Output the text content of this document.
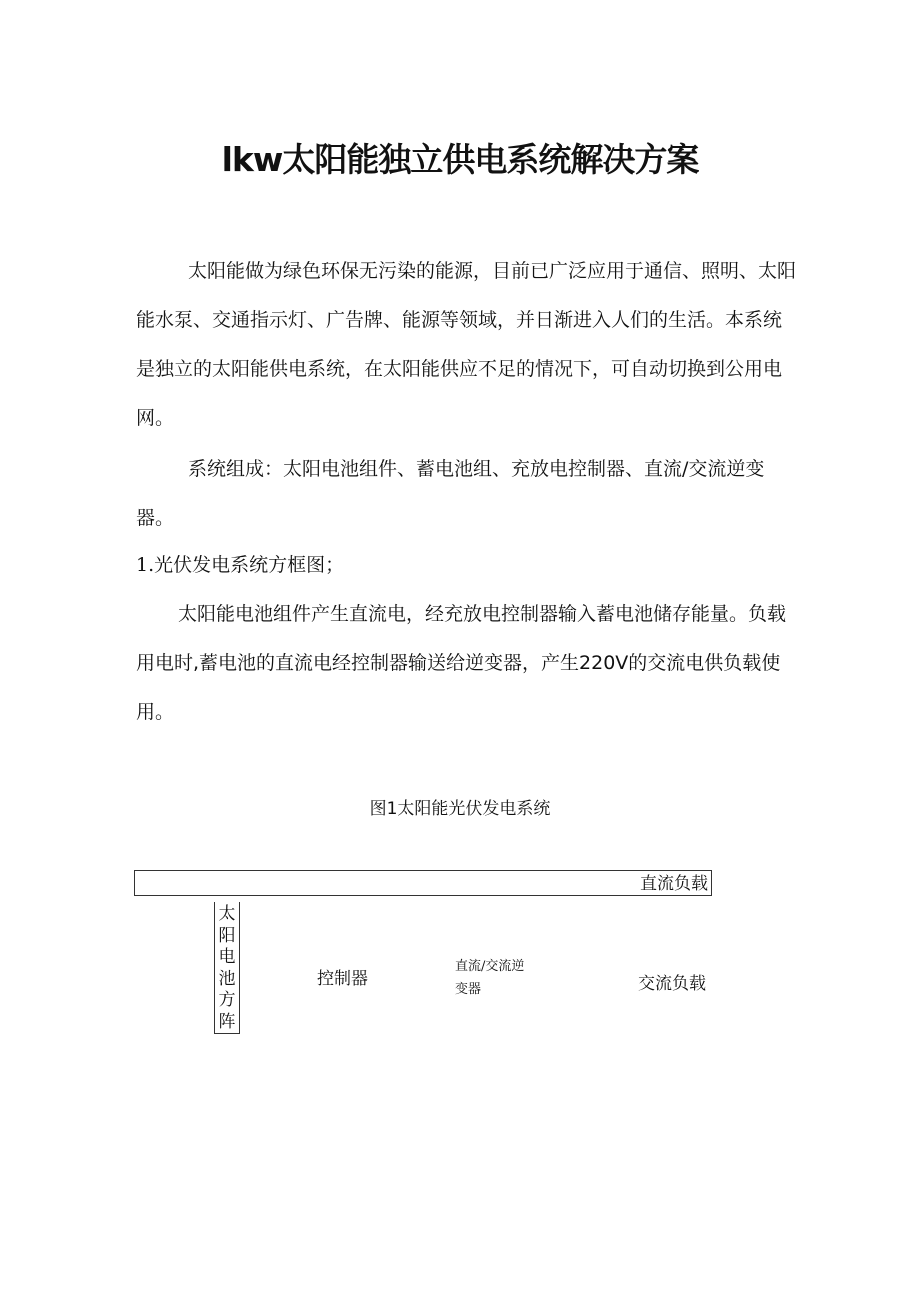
lkw太阳能独立供电系统解决方案

太阳能做为绿色环保无污染的能源，目前已广泛应用于通信、照明、太阳能水泵、交通指示灯、广告牌、能源等领域，并日渐进入人们的生活。本系统是独立的太阳能供电系统，在太阳能供应不足的情况下，可自动切换到公用电网。

系统组成：太阳电池组件、蓄电池组、充放电控制器、直流/交流逆变器。

1.光伏发电系统方框图；

太阳能电池组件产生直流电，经充放电控制器输入蓄电池储存能量。负载用电时,蓄电池的直流电经控制器输送给逆变器，产生220V的交流电供负载使用。

图1太阳能光伏发电系统
直流负载
太阳电池方阵
控制器
直流/交流逆变器	交流负载
